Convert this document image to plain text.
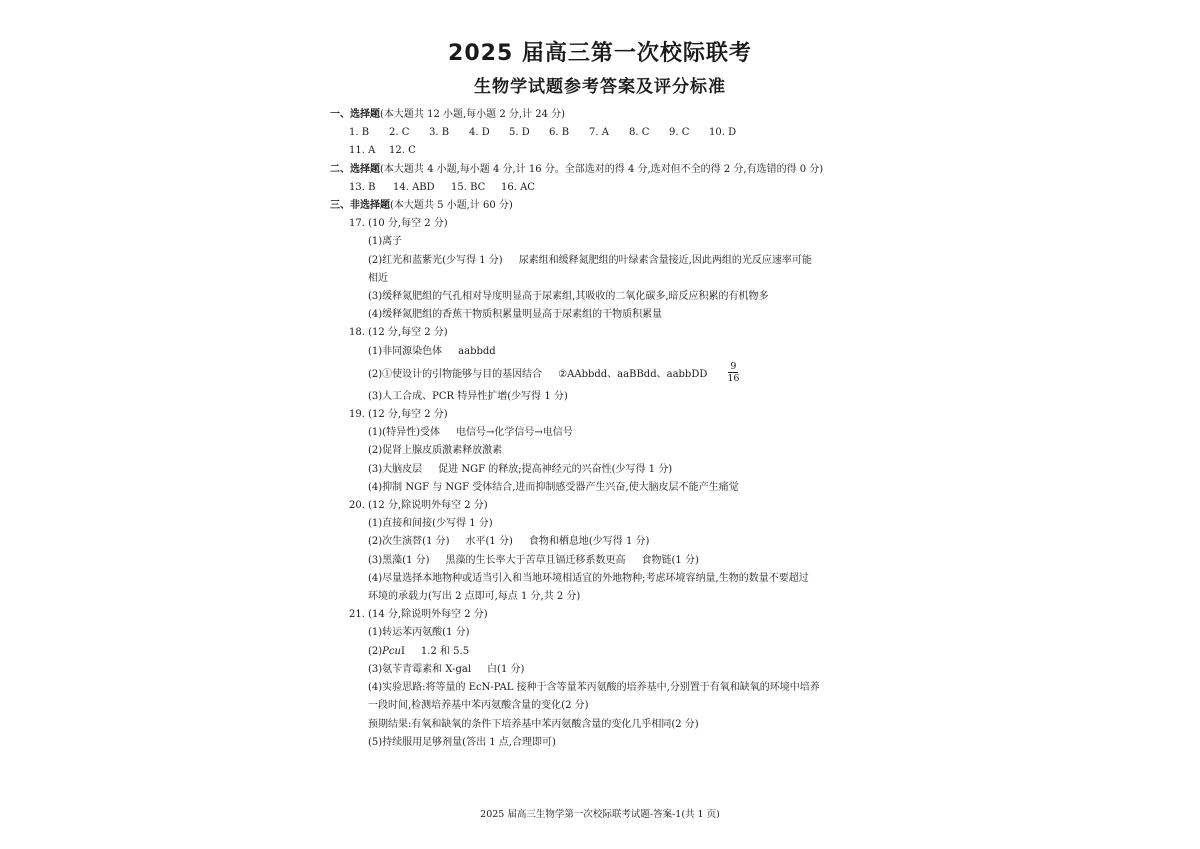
2025 届高三第一次校际联考
生物学试题参考答案及评分标准
一、选择题(本大题共 12 小题,每小题 2 分,计 24 分)
1. B 2. C 3. B 4. D 5. D 6. B 7. A 8. C 9. C 10. D
11. A 12. C
二、选择题(本大题共 4 小题,每小题 4 分,计 16 分。全部选对的得 4 分,选对但不全的得 2 分,有选错的得 0 分)
13. B 14. ABD 15. BC 16. AC
三、非选择题(本大题共 5 小题,计 60 分)
17. (10 分,每空 2 分)
(1)离子
(2)红光和蓝紫光(少写得 1 分) 尿素组和缓释氮肥组的叶绿素含量接近,因此两组的光反应速率可能
相近
(3)缓释氮肥组的气孔相对导度明显高于尿素组,其吸收的二氧化碳多,暗反应积累的有机物多
(4)缓释氮肥组的香蕉干物质积累量明显高于尿素组的干物质积累量
18. (12 分,每空 2 分)
(1)非同源染色体 aabbdd
(2)①使设计的引物能够与目的基因结合 ②AAbbdd、aaBBdd、aabbDD $\frac{9}{16}$
(3)人工合成、PCR 特异性扩增(少写得 1 分)
19. (12 分,每空 2 分)
(1)(特异性)受体 电信号→化学信号→电信号
(2)促肾上腺皮质激素释放激素
(3)大脑皮层 促进 NGF 的释放;提高神经元的兴奋性(少写得 1 分)
(4)抑制 NGF 与 NGF 受体结合,进而抑制感受器产生兴奋,使大脑皮层不能产生痛觉
20. (12 分,除说明外每空 2 分)
(1)直接和间接(少写得 1 分)
(2)次生演替(1 分) 水平(1 分) 食物和栖息地(少写得 1 分)
(3)黑藻(1 分) 黑藻的生长率大于苦草且镉迁移系数更高 食物链(1 分)
(4)尽量选择本地物种或适当引入和当地环境相适宜的外地物种;考虑环境容纳量,生物的数量不要超过
环境的承载力(写出 2 点即可,每点 1 分,共 2 分)
21. (14 分,除说明外每空 2 分)
(1)转运苯丙氨酸(1 分)
(2)PcuⅠ 1.2 和 5.5
(3)氨苄青霉素和 X-gal 白(1 分)
(4)实验思路:将等量的 EcN-PAL 接种于含等量苯丙氨酸的培养基中,分别置于有氧和缺氧的环境中培养
一段时间,检测培养基中苯丙氨酸含量的变化(2 分)
预期结果:有氧和缺氧的条件下培养基中苯丙氨酸含量的变化几乎相同(2 分)
(5)持续服用足够剂量(答出 1 点,合理即可)
2025 届高三生物学第一次校际联考试题-答案-1(共 1 页)
